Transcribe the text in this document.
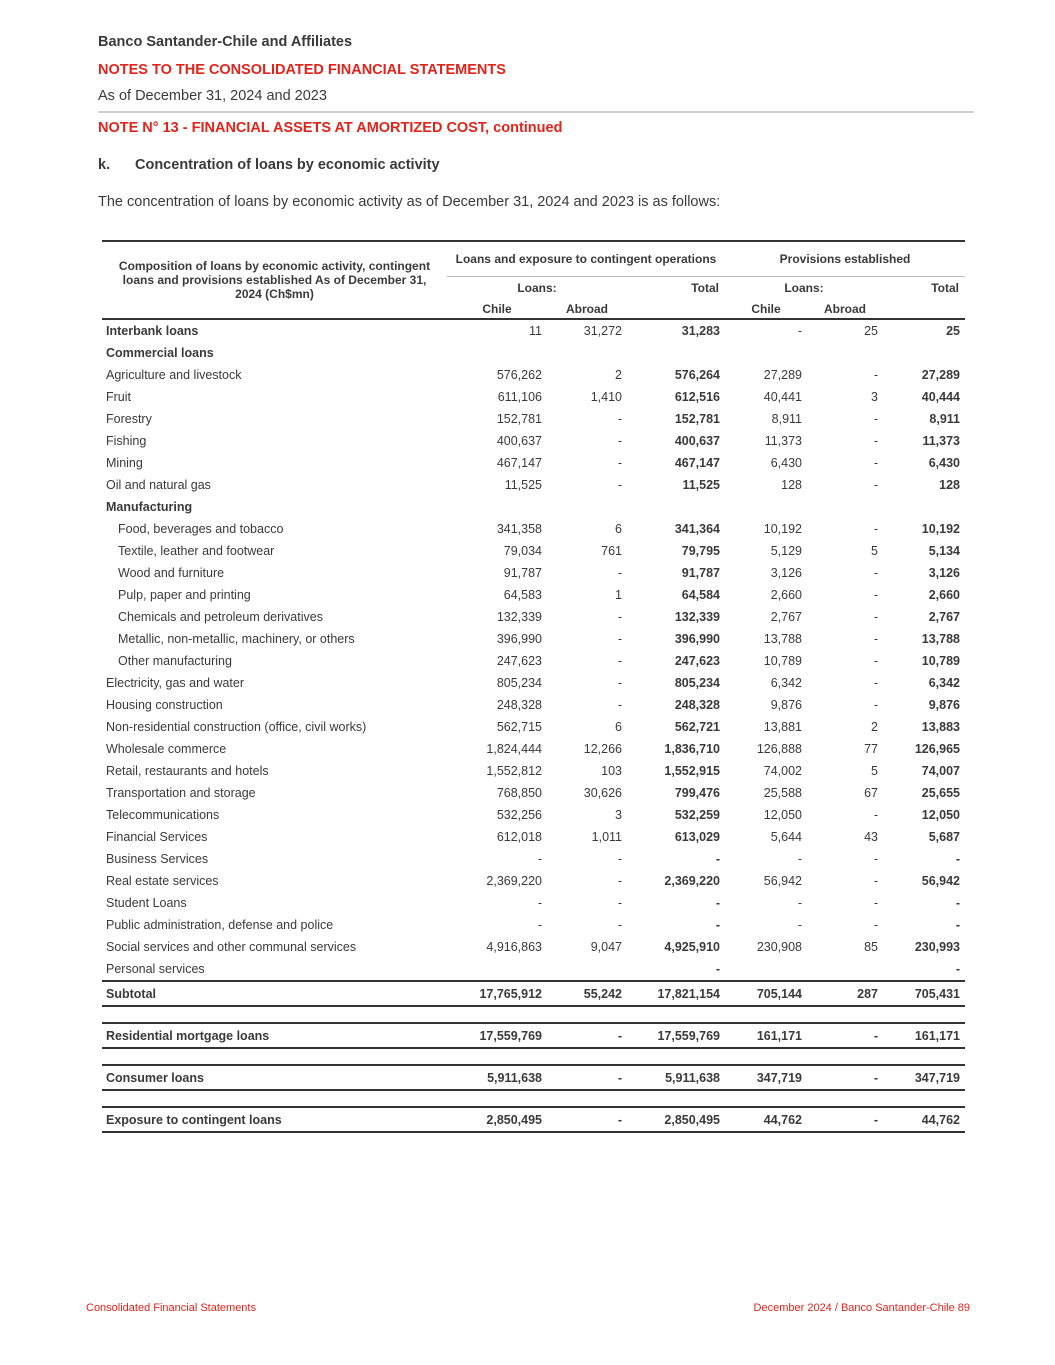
Banco Santander-Chile and Affiliates
NOTES TO THE CONSOLIDATED FINANCIAL STATEMENTS
As of December 31, 2024 and 2023
NOTE N° 13 - FINANCIAL ASSETS AT AMORTIZED COST, continued
k. Concentration of loans by economic activity
The concentration of loans by economic activity as of December 31, 2024 and 2023 is as follows:
Composition of loans by economic activity, contingent loans and provisions established As of December 31, 2024 (Ch$mn)	Loans and exposure to contingent operations			Provisions established		
	Loans:		Total	Loans:		Total
	Chile	Abroad		Chile	Abroad	
Interbank loans	11	31,272	31,283	-	25	25
Commercial loans						
Agriculture and livestock	576,262	2	576,264	27,289	-	27,289
Fruit	611,106	1,410	612,516	40,441	3	40,444
Forestry	152,781	-	152,781	8,911	-	8,911
Fishing	400,637	-	400,637	11,373	-	11,373
Mining	467,147	-	467,147	6,430	-	6,430
Oil and natural gas	11,525	-	11,525	128	-	128
Manufacturing						
Food, beverages and tobacco	341,358	6	341,364	10,192	-	10,192
Textile, leather and footwear	79,034	761	79,795	5,129	5	5,134
Wood and furniture	91,787	-	91,787	3,126	-	3,126
Pulp, paper and printing	64,583	1	64,584	2,660	-	2,660
Chemicals and petroleum derivatives	132,339	-	132,339	2,767	-	2,767
Metallic, non-metallic, machinery, or others	396,990	-	396,990	13,788	-	13,788
Other manufacturing	247,623	-	247,623	10,789	-	10,789
Electricity, gas and water	805,234	-	805,234	6,342	-	6,342
Housing construction	248,328	-	248,328	9,876	-	9,876
Non-residential construction (office, civil works)	562,715	6	562,721	13,881	2	13,883
Wholesale commerce	1,824,444	12,266	1,836,710	126,888	77	126,965
Retail, restaurants and hotels	1,552,812	103	1,552,915	74,002	5	74,007
Transportation and storage	768,850	30,626	799,476	25,588	67	25,655
Telecommunications	532,256	3	532,259	12,050	-	12,050
Financial Services	612,018	1,011	613,029	5,644	43	5,687
Business Services	-	-	-	-	-	-
Real estate services	2,369,220	-	2,369,220	56,942	-	56,942
Student Loans	-	-	-	-	-	-
Public administration, defense and police	-	-	-	-	-	-
Social services and other communal services	4,916,863	9,047	4,925,910	230,908	85	230,993
Personal services			-			-
Subtotal	17,765,912	55,242	17,821,154	705,144	287	705,431

Residential mortgage loans	17,559,769	-	17,559,769	161,171	-	161,171

Consumer loans	5,911,638	-	5,911,638	347,719	-	347,719

Exposure to contingent loans	2,850,495	-	2,850,495	44,762	-	44,762
Consolidated Financial Statements	December 2024 / Banco Santander-Chile 89
